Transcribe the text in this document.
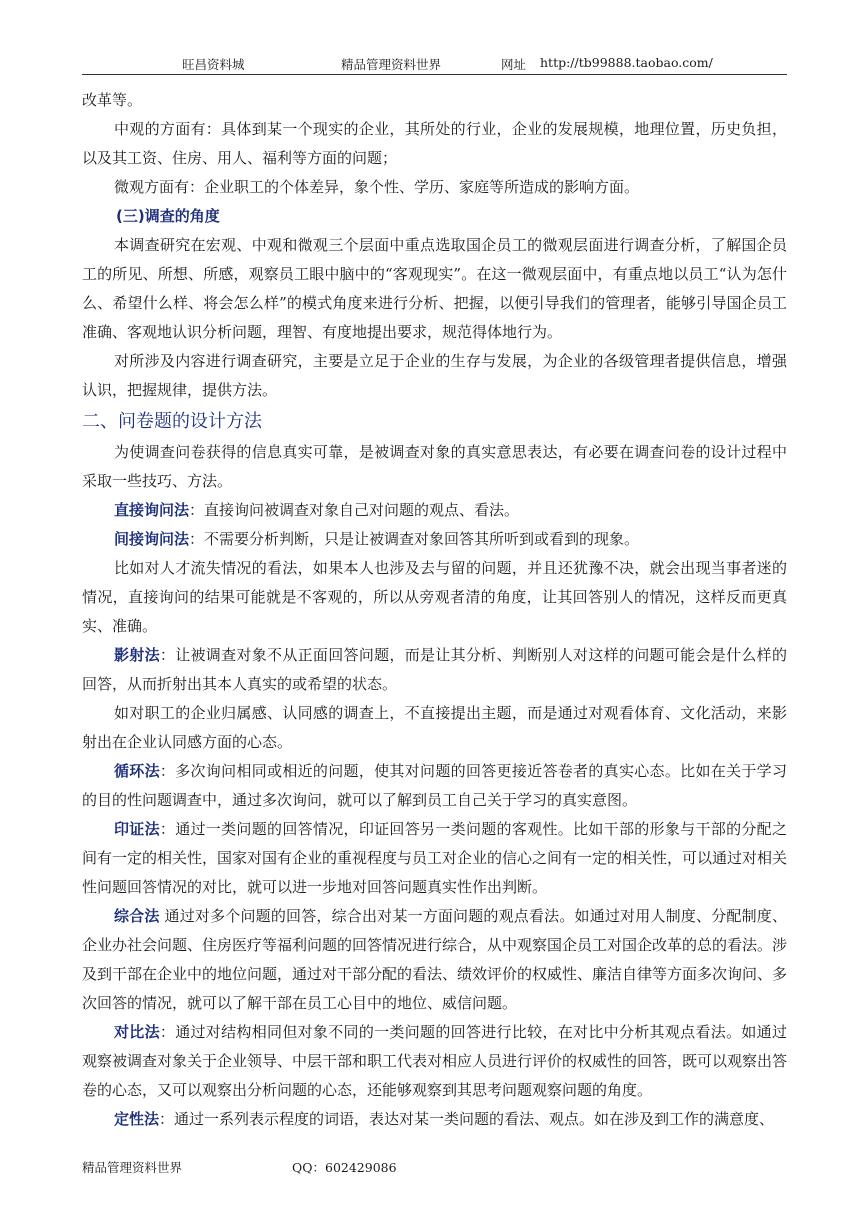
旺昌资料城	精品管理资料世界	网址 http://tb99888.taobao.com/

改革等。

中观的方面有：具体到某一个现实的企业，其所处的行业，企业的发展规模，地理位置，历史负担，以及其工资、住房、用人、福利等方面的问题；

微观方面有：企业职工的个体差异，象个性、学历、家庭等所造成的影响方面。

(三)调查的角度

本调查研究在宏观、中观和微观三个层面中重点选取国企员工的微观层面进行调查分析，了解国企员工的所见、所想、所感，观察员工眼中脑中的“客观现实”。在这一微观层面中，有重点地以员工“认为怎什么、希望什么样、将会怎么样”的模式角度来进行分析、把握，以便引导我们的管理者，能够引导国企员工准确、客观地认识分析问题，理智、有度地提出要求，规范得体地行为。

对所涉及内容进行调查研究，主要是立足于企业的生存与发展，为企业的各级管理者提供信息，增强认识，把握规律，提供方法。

二、问卷题的设计方法

为使调查问卷获得的信息真实可靠，是被调查对象的真实意思表达，有必要在调查问卷的设计过程中采取一些技巧、方法。

直接询问法：直接询问被调查对象自己对问题的观点、看法。

间接询问法：不需要分析判断，只是让被调查对象回答其所听到或看到的现象。

比如对人才流失情况的看法，如果本人也涉及去与留的问题，并且还犹豫不决，就会出现当事者迷的情况，直接询问的结果可能就是不客观的，所以从旁观者清的角度，让其回答别人的情况，这样反而更真实、准确。

影射法：让被调查对象不从正面回答问题，而是让其分析、判断别人对这样的问题可能会是什么样的回答，从而折射出其本人真实的或希望的状态。

如对职工的企业归属感、认同感的调查上，不直接提出主题，而是通过对观看体育、文化活动，来影射出在企业认同感方面的心态。

循环法：多次询问相同或相近的问题，使其对问题的回答更接近答卷者的真实心态。比如在关于学习的目的性问题调查中，通过多次询问，就可以了解到员工自己关于学习的真实意图。

印证法：通过一类问题的回答情况，印证回答另一类问题的客观性。比如干部的形象与干部的分配之间有一定的相关性，国家对国有企业的重视程度与员工对企业的信心之间有一定的相关性，可以通过对相关性问题回答情况的对比，就可以进一步地对回答问题真实性作出判断。

综合法 通过对多个问题的回答，综合出对某一方面问题的观点看法。如通过对用人制度、分配制度、企业办社会问题、住房医疗等福利问题的回答情况进行综合，从中观察国企员工对国企改革的总的看法。涉及到干部在企业中的地位问题，通过对干部分配的看法、绩效评价的权威性、廉洁自律等方面多次询问、多次回答的情况，就可以了解干部在员工心目中的地位、威信问题。

对比法：通过对结构相同但对象不同的一类问题的回答进行比较，在对比中分析其观点看法。如通过观察被调查对象关于企业领导、中层干部和职工代表对相应人员进行评价的权威性的回答，既可以观察出答卷的心态，又可以观察出分析问题的心态，还能够观察到其思考问题观察问题的角度。

定性法：通过一系列表示程度的词语，表达对某一类问题的看法、观点。如在涉及到工作的满意度、

精品管理资料世界	QQ：602429086
